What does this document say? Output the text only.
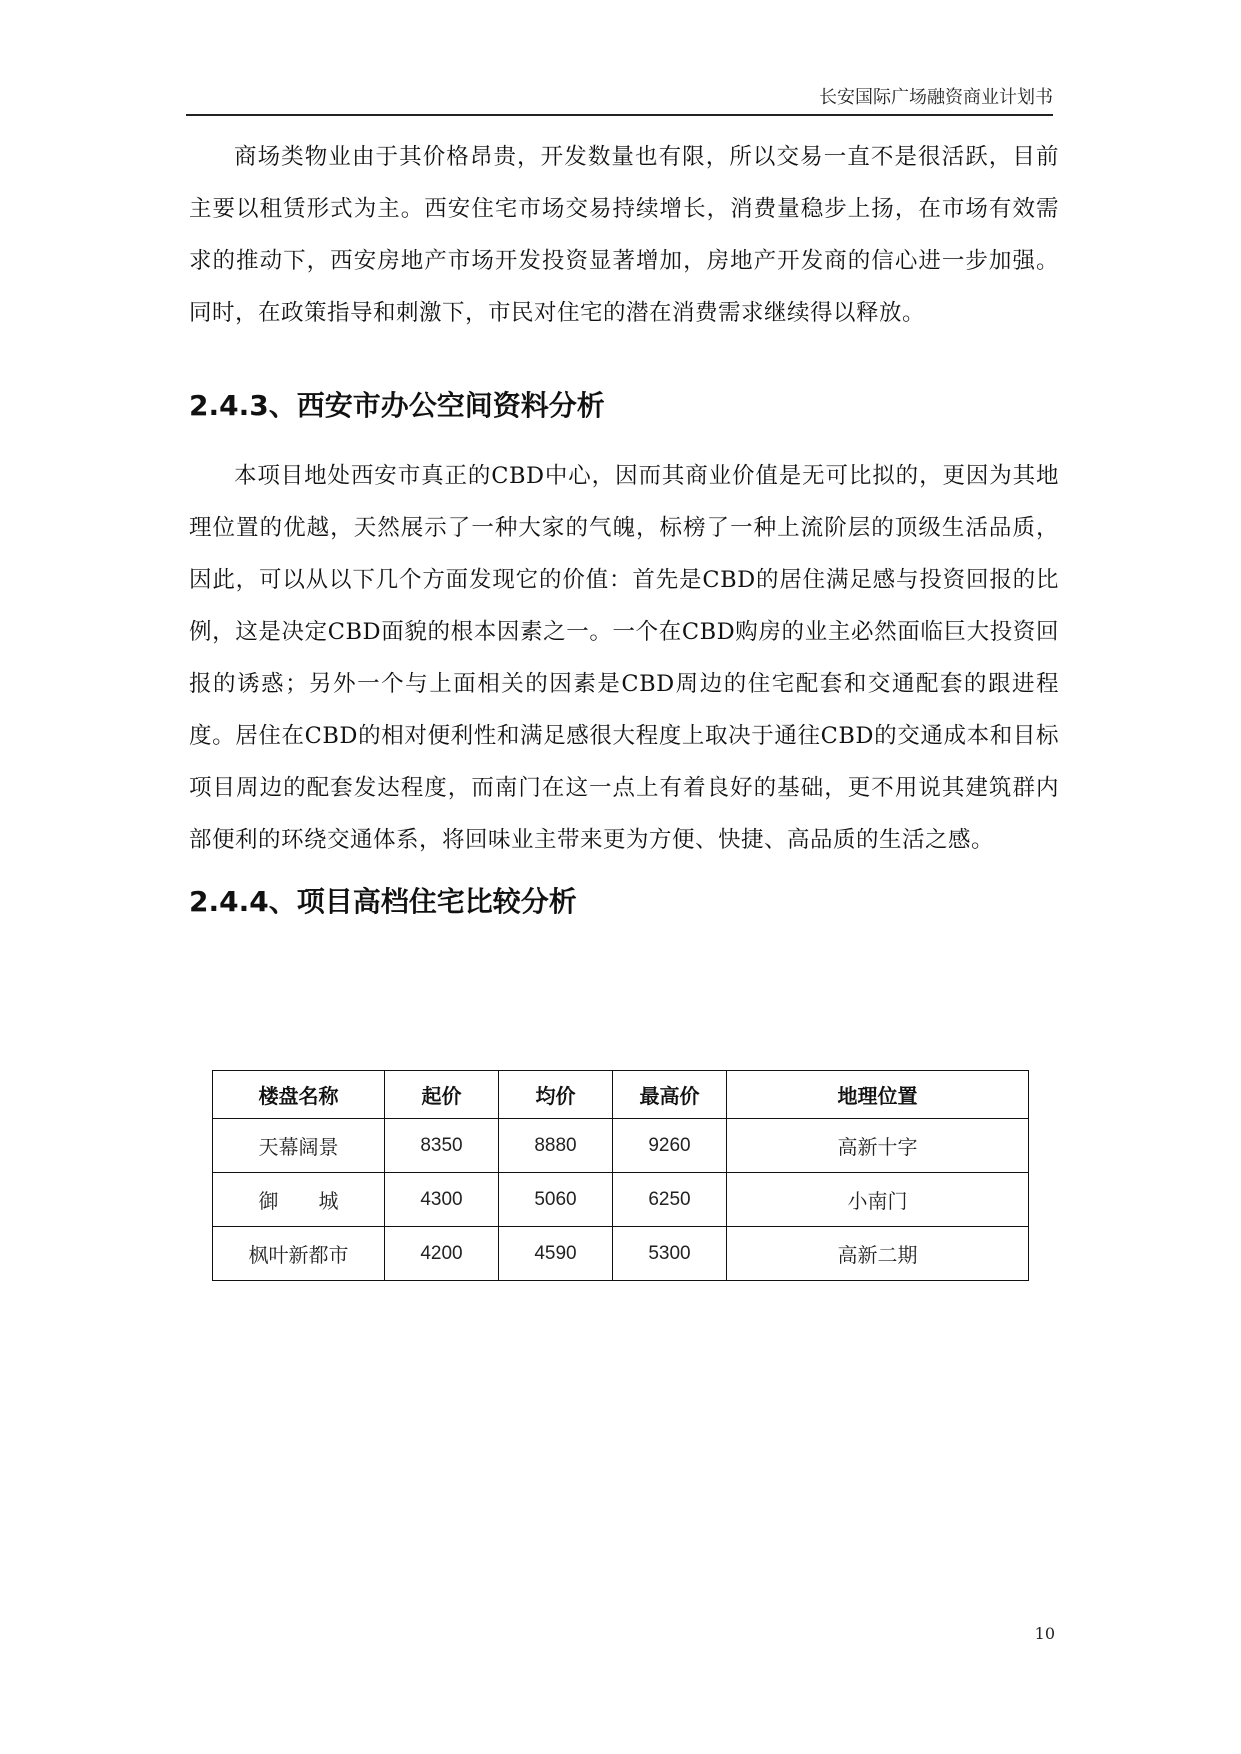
长安国际广场融资商业计划书

商场类物业由于其价格昂贵，开发数量也有限，所以交易一直不是很活跃，目前主要以租赁形式为主。西安住宅市场交易持续增长，消费量稳步上扬，在市场有效需求的推动下，西安房地产市场开发投资显著增加，房地产开发商的信心进一步加强。同时，在政策指导和刺激下，市民对住宅的潜在消费需求继续得以释放。

2.4.3、西安市办公空间资料分析

本项目地处西安市真正的CBD中心，因而其商业价值是无可比拟的，更因为其地理位置的优越，天然展示了一种大家的气魄，标榜了一种上流阶层的顶级生活品质，因此，可以从以下几个方面发现它的价值：首先是CBD的居住满足感与投资回报的比例，这是决定CBD面貌的根本因素之一。一个在CBD购房的业主必然面临巨大投资回报的诱惑；另外一个与上面相关的因素是CBD周边的住宅配套和交通配套的跟进程度。居住在CBD的相对便利性和满足感很大程度上取决于通往CBD的交通成本和目标项目周边的配套发达程度，而南门在这一点上有着良好的基础，更不用说其建筑群内部便利的环绕交通体系，将回味业主带来更为方便、快捷、高品质的生活之感。

2.4.4、项目高档住宅比较分析
楼盘名称	起价	均价	最高价	地理位置
天幕阔景	8350	8880	9260	高新十字
御　　城	4300	5060	6250	小南门
枫叶新都市	4200	4590	5300	高新二期
10
